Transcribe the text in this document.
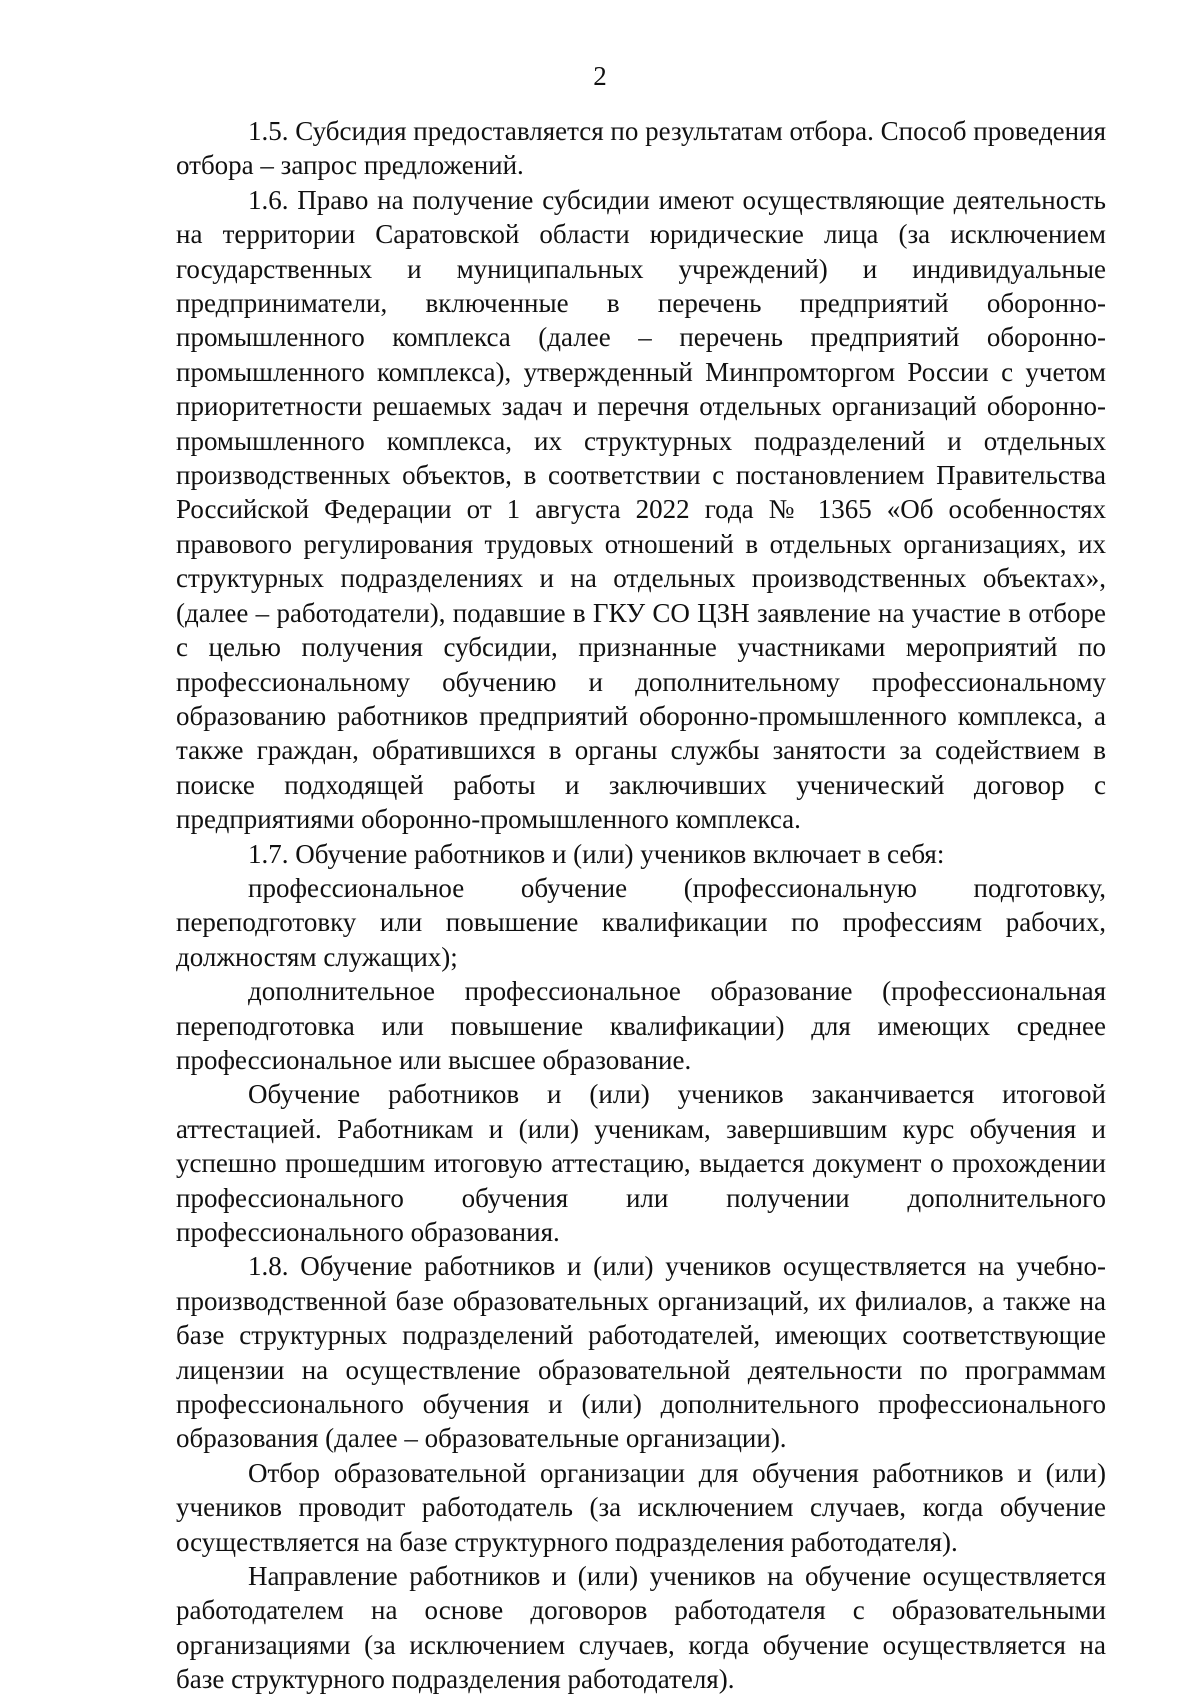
2

1.5. Субсидия предоставляется по результатам отбора. Способ проведения отбора – запрос предложений.

1.6. Право на получение субсидии имеют осуществляющие деятельность на территории Саратовской области юридические лица (за исключением государственных и муниципальных учреждений) и индивидуальные предприниматели, включенные в перечень предприятий оборонно-промышленного комплекса (далее – перечень предприятий оборонно-промышленного комплекса), утвержденный Минпромторгом России с учетом приоритетности решаемых задач и перечня отдельных организаций оборонно-промышленного комплекса, их структурных подразделений и отдельных производственных объектов, в соответствии с постановлением Правительства Российской Федерации от 1 августа 2022 года № 1365 «Об особенностях правового регулирования трудовых отношений в отдельных организациях, их структурных подразделениях и на отдельных производственных объектах», (далее – работодатели), подавшие в ГКУ СО ЦЗН заявление на участие в отборе с целью получения субсидии, признанные участниками мероприятий по профессиональному обучению и дополнительному профессиональному образованию работников предприятий оборонно-промышленного комплекса, а также граждан, обратившихся в органы службы занятости за содействием в поиске подходящей работы и заключивших ученический договор с предприятиями оборонно-промышленного комплекса.

1.7. Обучение работников и (или) учеников включает в себя:

профессиональное обучение (профессиональную подготовку, переподготовку или повышение квалификации по профессиям рабочих, должностям служащих);

дополнительное профессиональное образование (профессиональная переподготовка или повышение квалификации) для имеющих среднее профессиональное или высшее образование.

Обучение работников и (или) учеников заканчивается итоговой аттестацией. Работникам и (или) ученикам, завершившим курс обучения и успешно прошедшим итоговую аттестацию, выдается документ о прохождении профессионального обучения или получении дополнительного профессионального образования.

1.8. Обучение работников и (или) учеников осуществляется на учебно-производственной базе образовательных организаций, их филиалов, а также на базе структурных подразделений работодателей, имеющих соответствующие лицензии на осуществление образовательной деятельности по программам профессионального обучения и (или) дополнительного профессионального образования (далее – образовательные организации).

Отбор образовательной организации для обучения работников и (или) учеников проводит работодатель (за исключением случаев, когда обучение осуществляется на базе структурного подразделения работодателя).

Направление работников и (или) учеников на обучение осуществляется работодателем на основе договоров работодателя с образовательными организациями (за исключением случаев, когда обучение осуществляется на базе структурного подразделения работодателя).
